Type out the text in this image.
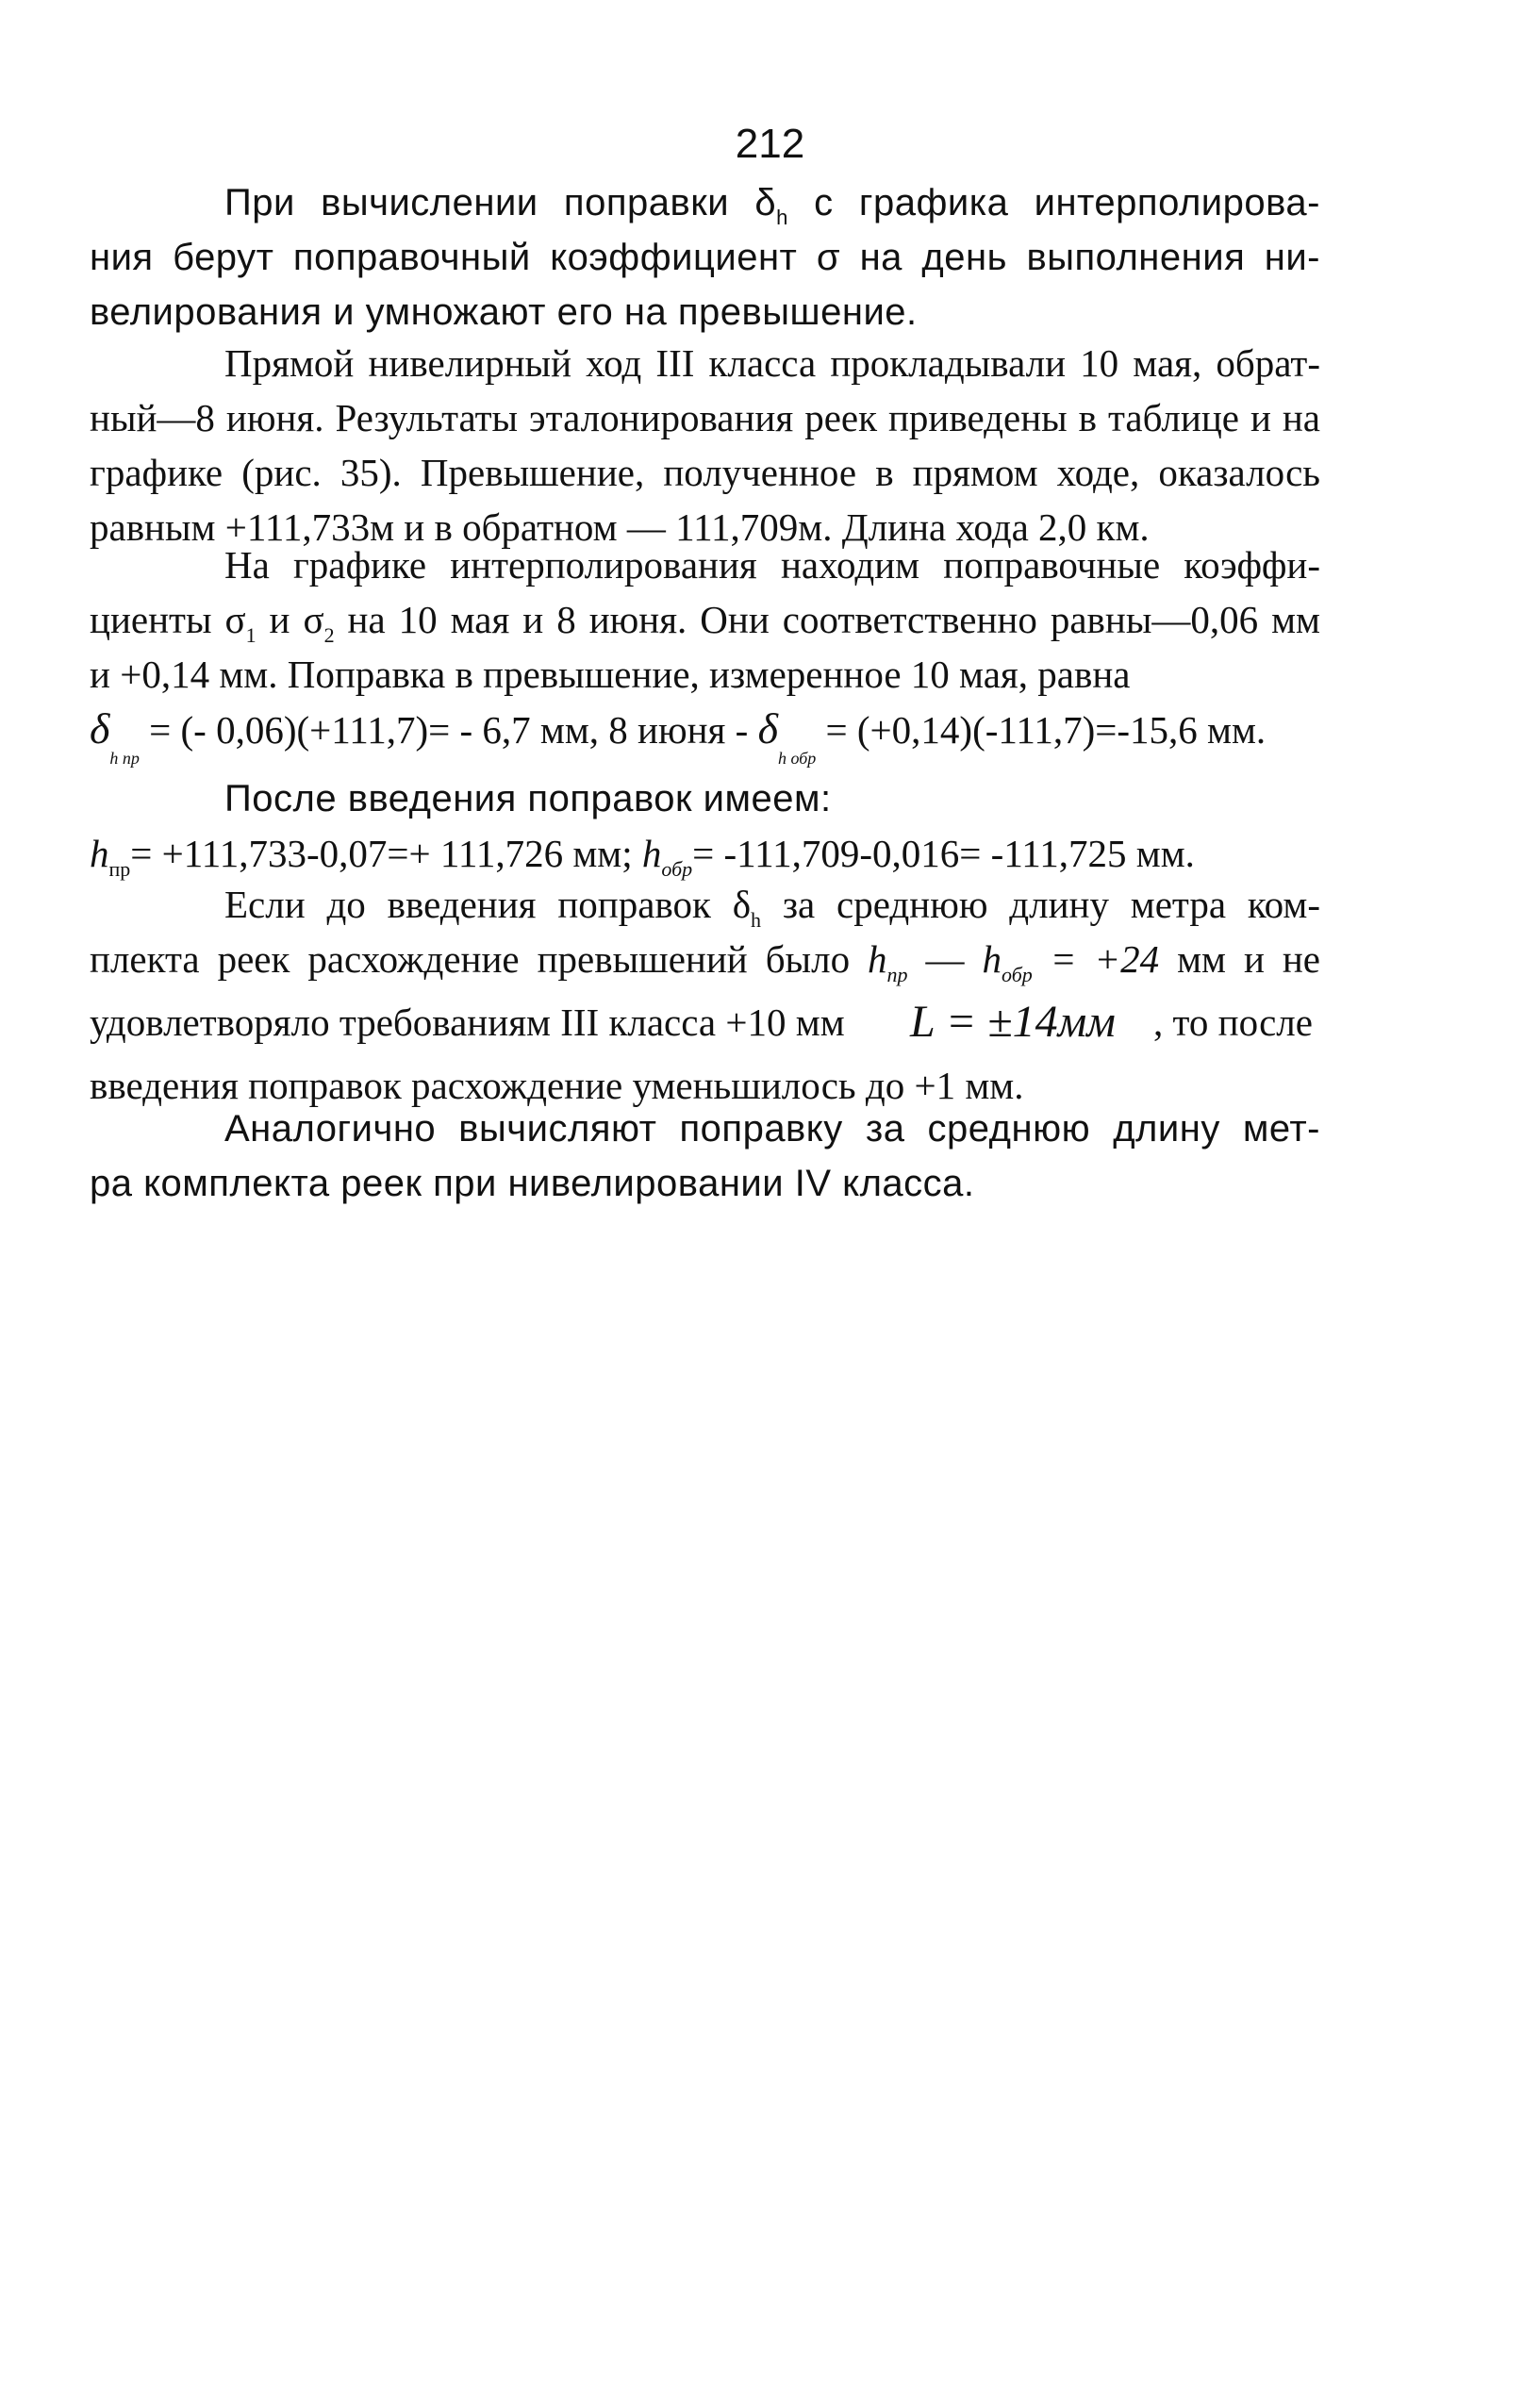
212
При вычислении поправки $\delta_h$ с графика интерполирова-
ния берут поправочный коэффициент σ на день выполнения ни-
велирования и умножают его на превышение.
Прямой нивелирный ход III класса прокладывали 10 мая, обрат-
ный—8 июня. Результаты эталонирования реек приведены в таблице и на
графике (рис. 35). Превышение, полученное в прямом ходе, оказалось
равным +111,733м и в обратном — 111,709м. Длина хода 2,0 км.
На графике интерполирования находим поправочные коэффи-
циенты $\sigma_1$ и $\sigma_2$ на 10 мая и 8 июня. Они соответственно равны—0,06 мм
и +0,14 мм. Поправка в превышение, измеренное 10 мая, равна
$\delta_{h пр}$ = (- 0,06)(+111,7)= - 6,7 мм, 8 июня - $\delta_{h обр} = (+0,14)(-111,7)=-15,6$ мм.
После введения поправок имеем:
$h_{пр}= +111,733-0,07=+ 111,726$ мм; $h_{обр}= -111,709-0,016= -111,725$ мм.
Если до введения поправок $\delta_h$ за среднюю длину метра ком-
плекта реек расхождение превышений было $h_{пр}$ — $h_{обр} = +24$ мм и не
удовлетворяло требованиям III класса +10 мм L = ±14мм , то после
введения поправок расхождение уменьшилось до +1 мм.
Аналогично вычисляют поправку за среднюю длину мет-
ра комплекта реек при нивелировании IV класса.
